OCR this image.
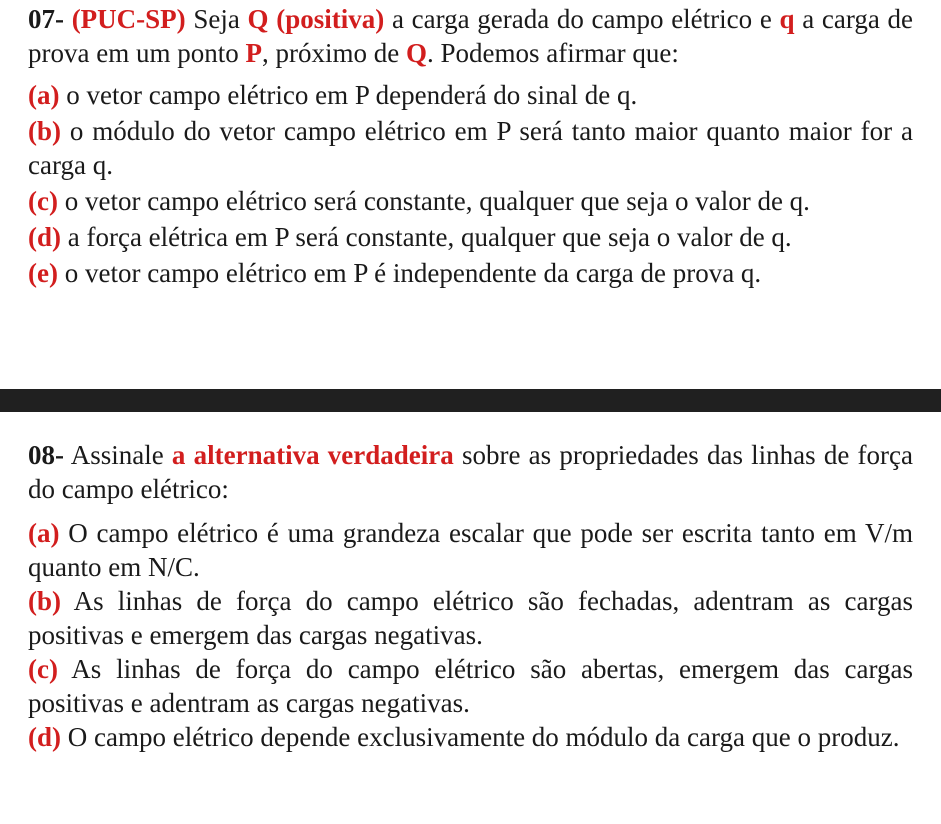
07- (PUC-SP) Seja Q (positiva) a carga gerada do campo elétrico e q a carga de prova em um ponto P, próximo de Q. Podemos afirmar que:

(a) o vetor campo elétrico em P dependerá do sinal de q.

(b) o módulo do vetor campo elétrico em P será tanto maior quanto maior for a carga q.

(c) o vetor campo elétrico será constante, qualquer que seja o valor de q.

(d) a força elétrica em P será constante, qualquer que seja o valor de q.

(e) o vetor campo elétrico em P é independente da carga de prova q.

08- Assinale a alternativa verdadeira sobre as propriedades das linhas de força do campo elétrico:

(a) O campo elétrico é uma grandeza escalar que pode ser escrita tanto em V/m quanto em N/C.

(b) As linhas de força do campo elétrico são fechadas, adentram as cargas positivas e emergem das cargas negativas.

(c) As linhas de força do campo elétrico são abertas, emergem das cargas positivas e adentram as cargas negativas.

(d) O campo elétrico depende exclusivamente do módulo da carga que o produz.
